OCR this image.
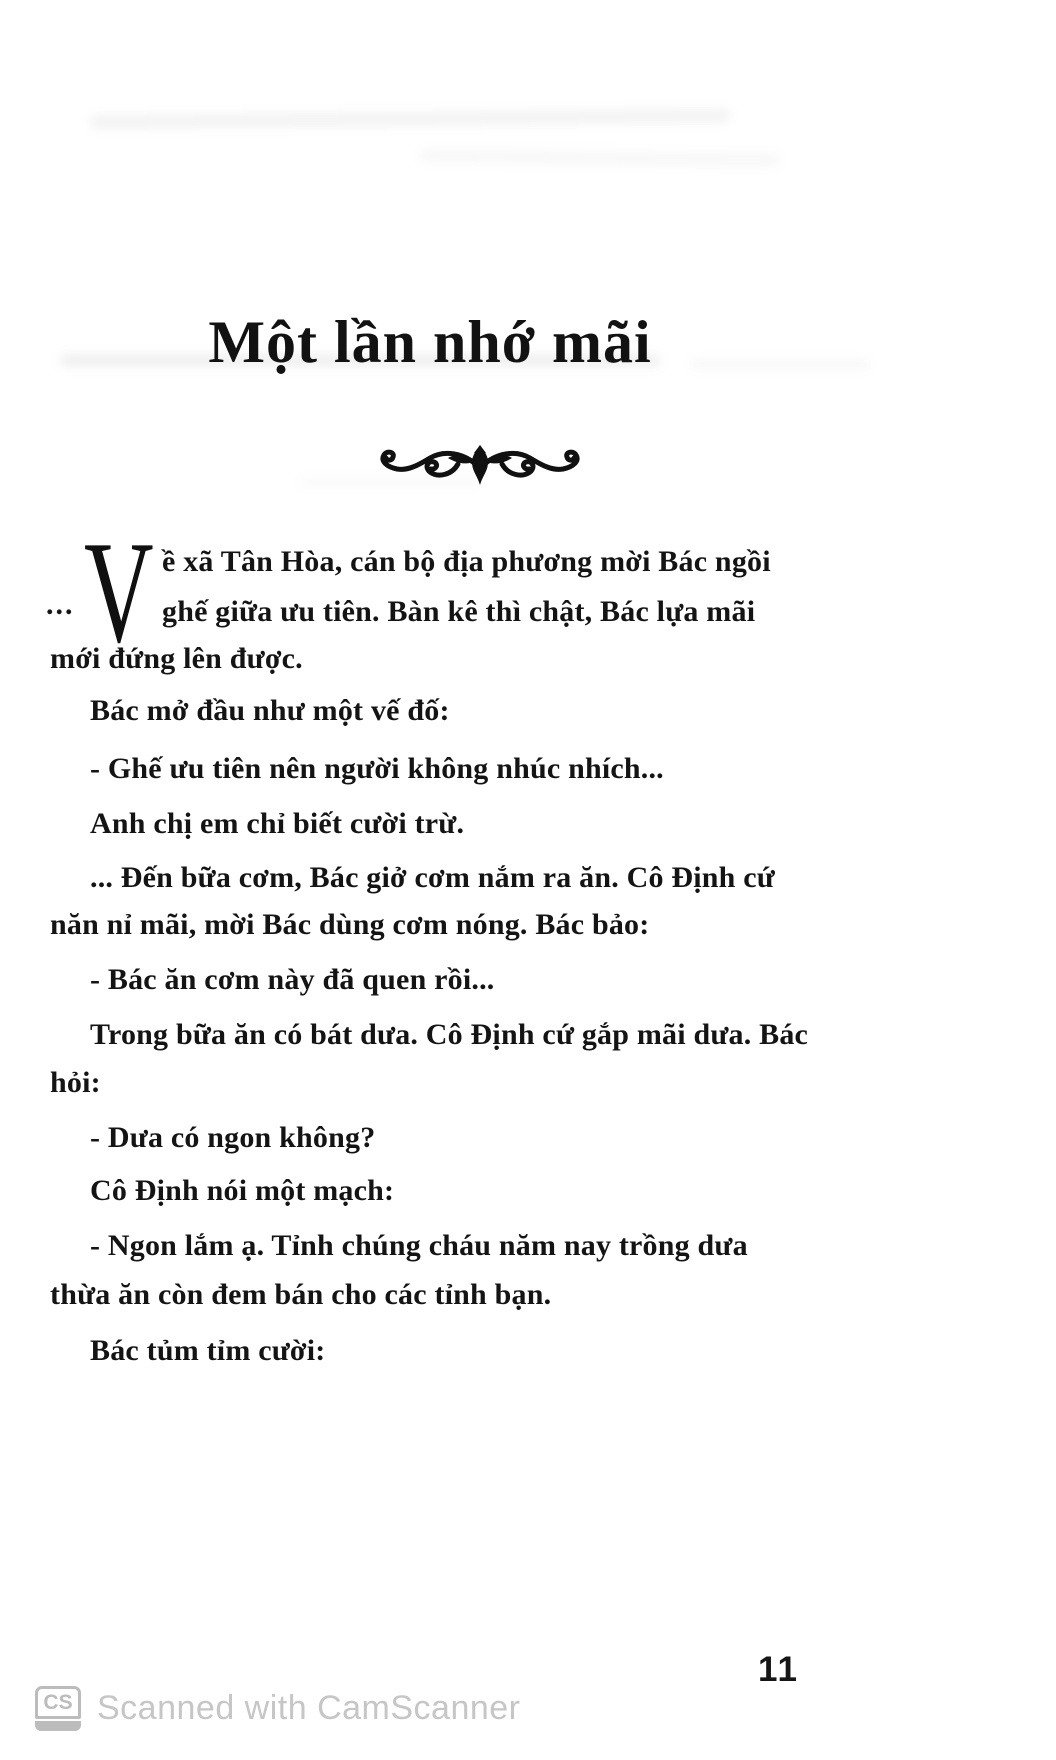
Một lần nhớ mãi
V
...
ề xã Tân Hòa, cán bộ địa phương mời Bác ngồi
ghế giữa ưu tiên. Bàn kê thì chật, Bác lựa mãi
mới đứng lên được.
Bác mở đầu như một vế đố:
- Ghế ưu tiên nên người không nhúc nhích...
Anh chị em chỉ biết cười trừ.
... Đến bữa cơm, Bác giở cơm nắm ra ăn. Cô Định cứ
năn nỉ mãi, mời Bác dùng cơm nóng. Bác bảo:
- Bác ăn cơm này đã quen rồi...
Trong bữa ăn có bát dưa. Cô Định cứ gắp mãi dưa. Bác
hỏi:
- Dưa có ngon không?
Cô Định nói một mạch:
- Ngon lắm ạ. Tỉnh chúng cháu năm nay trồng dưa
thừa ăn còn đem bán cho các tỉnh bạn.
Bác tủm tỉm cười:
11
CS Scanned with CamScanner
